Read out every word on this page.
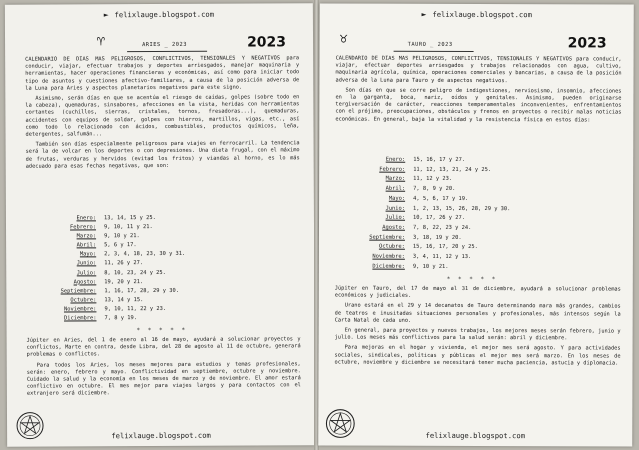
► felixlauge.blogspot.com
♈	ARIES _ 2023	2023

CALENDARIO DE DIAS MAS PELIGROSOS, CONFLICTIVOS, TENSIONALES Y NEGATIVOS para conducir, viajar, efectuar trabajos y deportes arriesgados, manejar maquinaria y herramientas, hacer operaciones financieras y económicas, así como para iniciar todo tipo de asuntos y cuestiones afectivo-familiares, a causa de la posición adversa de la Luna para Aries y aspectos planetarios negativos para este signo.

Asimismo, serán días en que se acentúa el riesgo de caídas, golpes (sobre todo en la cabeza), quemaduras, sinsabores, afecciones en la vista, heridas con herramientas cortantes (cuchillos, sierras, cristales, tornos, fresadoras...), quemaduras, accidentes con equipos de soldar, golpes con hierros, martillos, vigas, etc., así como todo lo relacionado con ácidos, combustibles, productos químicos, leña, detergentes, salfumán...

También son días especialmente peligrosos para viajes en ferrocarril. La tendencia será la de volcar en los deportes o con depresiones. Una dieta frugal, con el máximo de frutas, verduras y hervidos (evitad los fritos) y viandas al horno, es lo más adecuado para esas fechas negativas, que son:

Enero:	13, 14, 15 y 25.
Febrero:	9, 10, 11 y 21.
Marzo:	9, 10 y 21.
Abril:	5, 6 y 17.
Mayo:	2, 3, 4, 18, 23, 30 y 31.
Junio:	11, 26 y 27.
Julio:	8, 10, 23, 24 y 25.
Agosto:	19, 20 y 21.
Septiembre:	1, 16, 17, 28, 29 y 30.
Octubre:	13, 14 y 15.
Noviembre:	9, 10, 11, 22 y 23.
Diciembre:	7, 8 y 19.
* * * * *

Júpiter en Aries, del 1 de enero al 16 de mayo, ayudará a solucionar proyectos y conflictos, Marte en contra, desde Libra, del 28 de agosto al 11 de octubre, generará problemas o conflictos.

Para todos los Aries, los meses mejores para estudios y temas profesionales, serán: enero, febrero y mayo. Conflictividad en septiembre, octubre y noviembre. Cuidado la salud y la economía en los meses de marzo y de noviembre. El amor estará conflictivo en octubre. El mes mejor para viajes largos y para contactos con el extranjero será diciembre.

felixlauge.blogspot.com
► felixlauge.blogspot.com
♉	TAURO _ 2023	2023

CALENDARIO DE DIAS MAS PELIGROSOS, CONFLICTIVOS, TENSIONALES Y NEGATIVOS para conducir, viajar, efectuar deportes arriesgados y trabajos relacionados con agua, cultivo, maquinaria agrícola, química, operaciones comerciales y bancarias, a causa de la posición adversa de la Luna para Tauro y de aspectos negativos.

Son días en que se corre peligro de indigestiones, nerviosismo, insomnio, afecciones en la garganta, boca, nariz, oídos y genitales. Asimismo, pueden originarse tergiversación de carácter, reacciones temperamentales inconvenientes, enfrentamientos con el prójimo, preocupaciones, obstáculos y frenos en proyectos o recibir malas noticias económicas. En general, baja la vitalidad y la resistencia física en estos días:

Enero:	15, 16, 17 y 27.
Febrero:	11, 12, 13, 21, 24 y 25.
Marzo:	11, 12 y 23.
Abril:	7, 8, 9 y 20.
Mayo:	4, 5, 6, 17 y 19.
Junio:	1, 2, 13, 15, 26, 28, 29 y 30.
Julio:	10, 17, 26 y 27.
Agosto:	7, 8, 22, 23 y 24.
Septiembre:	3, 18, 19 y 20.
Octubre:	15, 16, 17, 20 y 25.
Noviembre:	3, 4, 11, 12 y 13.
Diciembre:	9, 10 y 21.
* * * * *

Júpiter en Tauro, del 17 de mayo al 31 de diciembre, ayudará a solucionar problemas económicos y judiciales.

Urano estará en el 29 y 14 decanatos de Tauro determinando mara más grandes, cambios de teatros e inusitadas situaciones personales y profesionales, más intensos según la Carta Natal de cada uno.

En general, para proyectos y nuevos trabajos, los mejores meses serán febrero, junio y julio. Los meses más conflictivos para la salud serán: abril y diciembre.

Para mejoras en el hogar y vivienda, el mejor mes será agosto. Y para actividades sociales, sindicales, políticas y públicas el mejor mes será marzo. En los meses de octubre, noviembre y diciembre se necesitará tener mucha paciencia, astucia y diplomacia.

felixlauge.blogspot.com
